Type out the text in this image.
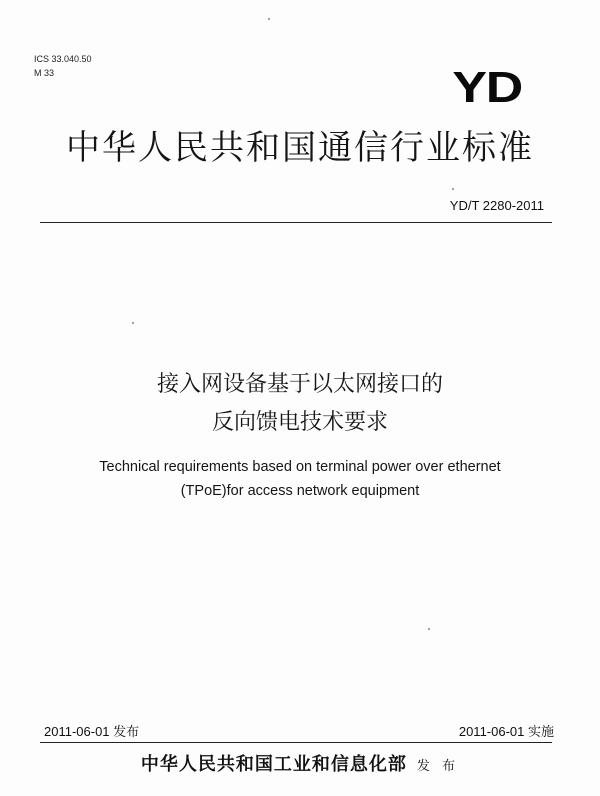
ICS 33.040.50
M 33	YD
中华人民共和国通信行业标准
YD/T 2280-2011
接入网设备基于以太网接口的
反向馈电技术要求
Technical requirements based on terminal power over ethernet
(TPoE)for access network equipment
2011-06-01 发布	2011-06-01 实施
中华人民共和国工业和信息化部 发 布
